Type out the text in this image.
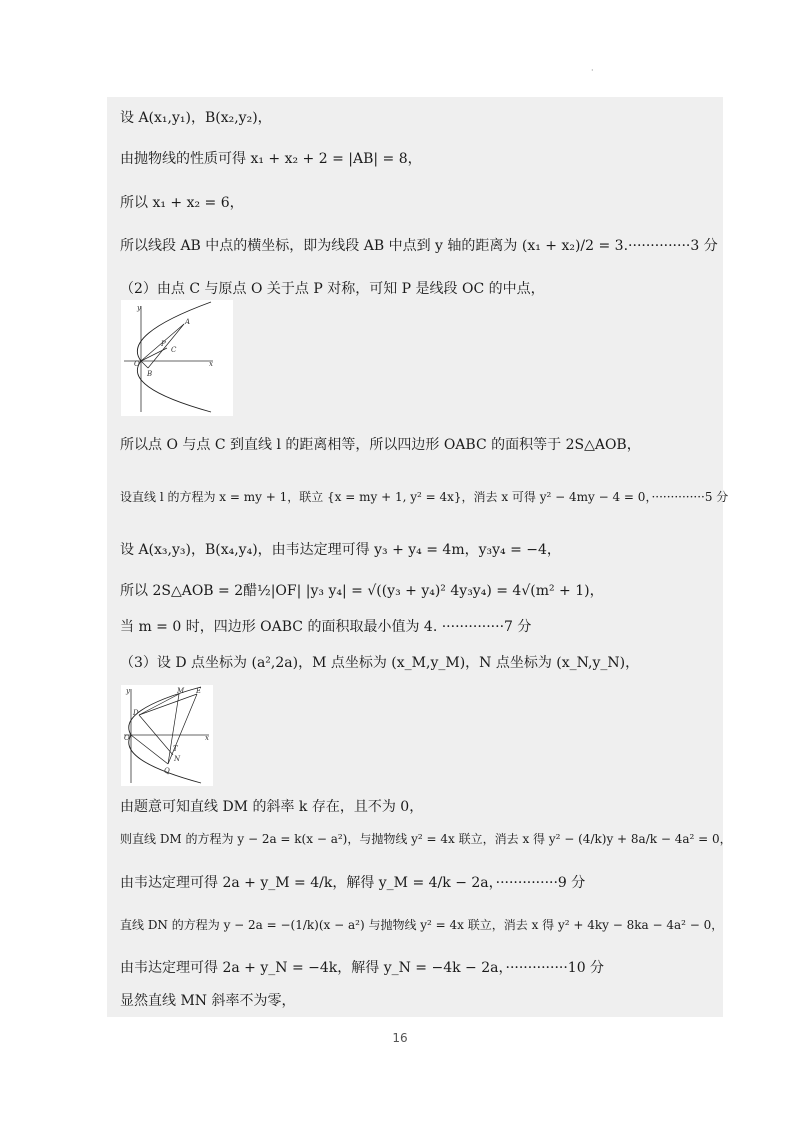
·
设 A(x₁,y₁)，B(x₂,y₂)，
由抛物线的性质可得 x₁ + x₂ + 2 = |AB| = 8，
所以 x₁ + x₂ = 6，
所以线段 AB 中点的横坐标，即为线段 AB 中点到 y 轴的距离为 (x₁ + x₂)/2 = 3.··············3 分
（2）由点 C 与原点 O 关于点 P 对称，可知 P 是线段 OC 的中点，
y
A
P
C
O
B
x
所以点 O 与点 C 到直线 l 的距离相等，所以四边形 OABC 的面积等于 2S△AOB，
设直线 l 的方程为 x = my + 1，联立 {x = my + 1, y² = 4x}，消去 x 可得 y² − 4my − 4 = 0，··············5 分
设 A(x₃,y₃)，B(x₄,y₄)，由韦达定理可得 y₃ + y₄ = 4m，y₃y₄ = −4，
所以 2S△AOB = 2醋½|OF| |y₃ y₄| = √((y₃ + y₄)² 4y₃y₄) = 4√(m² + 1)，
当 m = 0 时，四边形 OABC 的面积取最小值为 4. ··············7 分
（3）设 D 点坐标为 (a²,2a)，M 点坐标为 (x_M,y_M)，N 点坐标为 (x_N,y_N)，
y	M E
D
O
T
N
Q
x
由题意可知直线 DM 的斜率 k 存在，且不为 0，
则直线 DM 的方程为 y − 2a = k(x − a²)，与抛物线 y² = 4x 联立，消去 x 得 y² − (4/k)y + 8a/k − 4a² = 0，
由韦达定理可得 2a + y_M = 4/k，解得 y_M = 4/k − 2a，··············9 分
直线 DN 的方程为 y − 2a = −(1/k)(x − a²) 与抛物线 y² = 4x 联立，消去 x 得 y² + 4ky − 8ka − 4a² − 0，
由韦达定理可得 2a + y_N = −4k，解得 y_N = −4k − 2a，··············10 分
显然直线 MN 斜率不为零，
16
